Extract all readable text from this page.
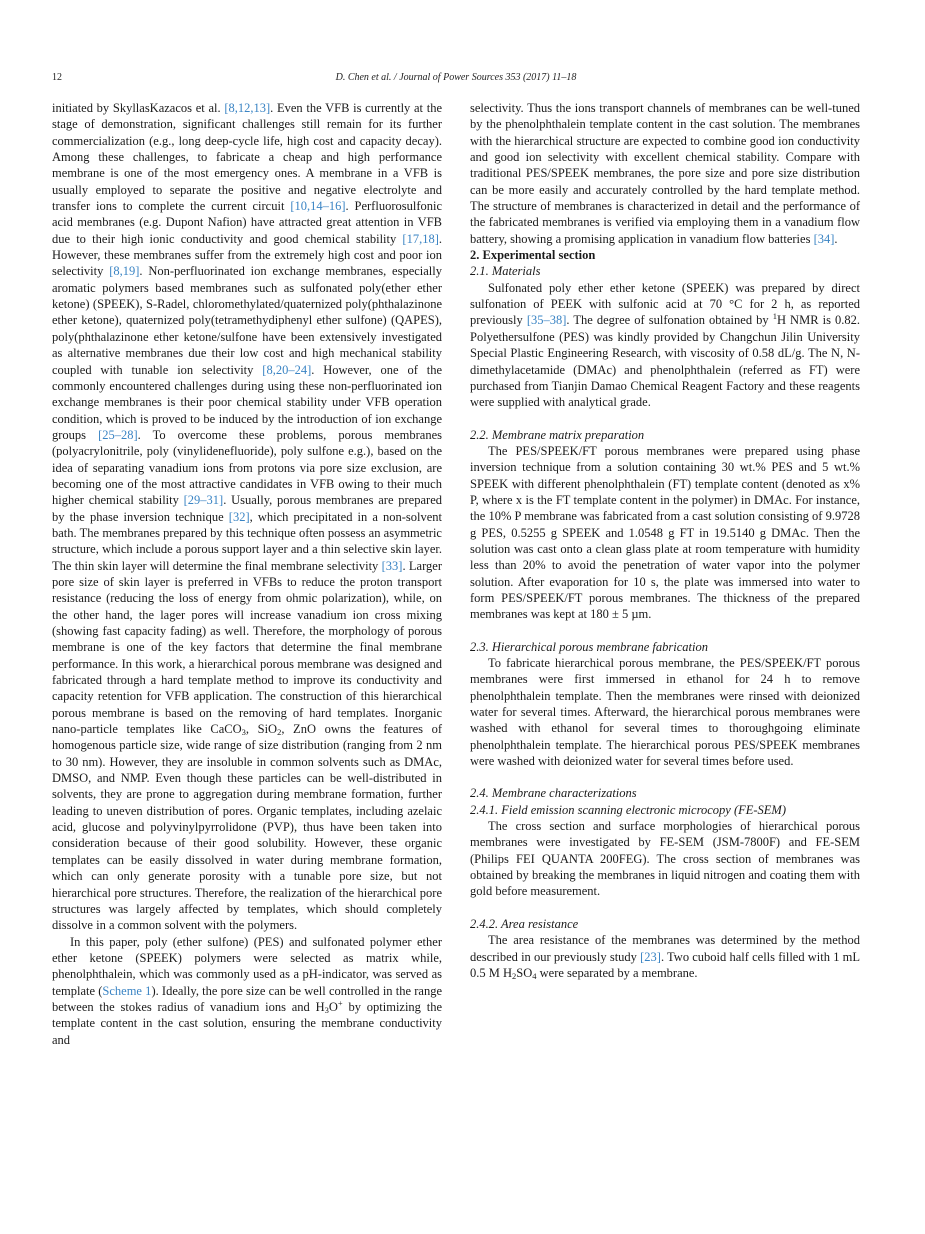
12	D. Chen et al. / Journal of Power Sources 353 (2017) 11–18

initiated by SkyllasKazacos et al. [8,12,13]. Even the VFB is currently at the stage of demonstration, significant challenges still remain for its further commercialization (e.g., long deep-cycle life, high cost and capacity decay). Among these challenges, to fabricate a cheap and high performance membrane is one of the most emergency ones. A membrane in a VFB is usually employed to separate the positive and negative electrolyte and transfer ions to complete the current circuit [10,14–16]. Perfluorosulfonic acid membranes (e.g. Dupont Nafion) have attracted great attention in VFB due to their high ionic conductivity and good chemical stability [17,18]. However, these membranes suffer from the extremely high cost and poor ion selectivity [8,19]. Non-perfluorinated ion exchange membranes, especially aromatic polymers based membranes such as sulfonated poly(ether ether ketone) (SPEEK), S-Radel, chloromethylated/quaternized poly(phthalazinone ether ketone), quaternized poly(tetramethydiphenyl ether sulfone) (QAPES), poly(phthalazinone ether ketone/sulfone have been extensively investigated as alternative membranes due their low cost and high mechanical stability coupled with tunable ion selectivity [8,20–24]. However, one of the commonly encountered challenges during using these non-perfluorinated ion exchange membranes is their poor chemical stability under VFB operation condition, which is proved to be induced by the introduction of ion exchange groups [25–28]. To overcome these problems, porous membranes (polyacrylonitrile, poly (vinylidenefluoride), poly sulfone e.g.), based on the idea of separating vanadium ions from protons via pore size exclusion, are becoming one of the most attractive candidates in VFB owing to their much higher chemical stability [29–31]. Usually, porous membranes are prepared by the phase inversion technique [32], which precipitated in a non-solvent bath. The membranes prepared by this technique often possess an asymmetric structure, which include a porous support layer and a thin selective skin layer. The thin skin layer will determine the final membrane selectivity [33]. Larger pore size of skin layer is preferred in VFBs to reduce the proton transport resistance (reducing the loss of energy from ohmic polarization), while, on the other hand, the lager pores will increase vanadium ion cross mixing (showing fast capacity fading) as well. Therefore, the morphology of porous membrane is one of the key factors that determine the final membrane performance. In this work, a hierarchical porous membrane was designed and fabricated through a hard template method to improve its conductivity and capacity retention for VFB application. The construction of this hierarchical porous membrane is based on the removing of hard templates. Inorganic nano-particle templates like CaCO$_3$, SiO$_2$, ZnO owns the features of homogenous particle size, wide range of size distribution (ranging from 2 nm to 30 nm). However, they are insoluble in common solvents such as DMAc, DMSO, and NMP. Even though these particles can be well-distributed in solvents, they are prone to aggregation during membrane formation, further leading to uneven distribution of pores. Organic templates, including azelaic acid, glucose and polyvinylpyrrolidone (PVP), thus have been taken into consideration because of their good solubility. However, these organic templates can be easily dissolved in water during membrane formation, which can only generate porosity with a tunable pore size, but not hierarchical pore structures. Therefore, the realization of the hierarchical pore structures was largely affected by templates, which should completely dissolve in a common solvent with the polymers.

In this paper, poly (ether sulfone) (PES) and sulfonated polymer ether ether ketone (SPEEK) polymers were selected as matrix while, phenolphthalein, which was commonly used as a pH-indicator, was served as template (Scheme 1). Ideally, the pore size can be well controlled in the range between the stokes radius of vanadium ions and $H_3O^+$ by optimizing the template content in the cast solution, ensuring the membrane conductivity and

selectivity. Thus the ions transport channels of membranes can be well-tuned by the phenolphthalein template content in the cast solution. The membranes with the hierarchical structure are expected to combine good ion conductivity and good ion selectivity with excellent chemical stability. Compare with traditional PES/SPEEK membranes, the pore size and pore size distribution can be more easily and accurately controlled by the hard template method. The structure of membranes is characterized in detail and the performance of the fabricated membranes is verified via employing them in a vanadium flow battery, showing a promising application in vanadium flow batteries [34].

2. Experimental section

2.1. Materials

Sulfonated poly ether ether ketone (SPEEK) was prepared by direct sulfonation of PEEK with sulfonic acid at 70 °C for 2 h, as reported previously [35–38]. The degree of sulfonation obtained by $^1$H NMR is 0.82. Polyethersulfone (PES) was kindly provided by Changchun Jilin University Special Plastic Engineering Research, with viscosity of 0.58 dL/g. The N, N-dimethylacetamide (DMAc) and phenolphthalein (referred as FT) were purchased from Tianjin Damao Chemical Reagent Factory and these reagents were supplied with analytical grade.

2.2. Membrane matrix preparation

The PES/SPEEK/FT porous membranes were prepared using phase inversion technique from a solution containing 30 wt.% PES and 5 wt.% SPEEK with different phenolphthalein (FT) template content (denoted as x% P, where x is the FT template content in the polymer) in DMAc. For instance, the 10% P membrane was fabricated from a cast solution consisting of 9.9728 g PES, 0.5255 g SPEEK and 1.0548 g FT in 19.5140 g DMAc. Then the solution was cast onto a clean glass plate at room temperature with humidity less than 20% to avoid the penetration of water vapor into the polymer solution. After evaporation for 10 s, the plate was immersed into water to form PES/SPEEK/FT porous membranes. The thickness of the prepared membranes was kept at 180 ± 5 µm.

2.3. Hierarchical porous membrane fabrication

To fabricate hierarchical porous membrane, the PES/SPEEK/FT porous membranes were first immersed in ethanol for 24 h to remove phenolphthalein template. Then the membranes were rinsed with deionized water for several times. Afterward, the hierarchical porous membranes were washed with ethanol for several times to thoroughgoing eliminate phenolphthalein template. The hierarchical porous PES/SPEEK membranes were washed with deionized water for several times before used.

2.4. Membrane characterizations

2.4.1. Field emission scanning electronic microcopy (FE-SEM)

The cross section and surface morphologies of hierarchical porous membranes were investigated by FE-SEM (JSM-7800F) and FE-SEM (Philips FEI QUANTA 200FEG). The cross section of membranes was obtained by breaking the membranes in liquid nitrogen and coating them with gold before measurement.

2.4.2. Area resistance

The area resistance of the membranes was determined by the method described in our previously study [23]. Two cuboid half cells filled with 1 mL 0.5 M $H_2SO_4$ were separated by a membrane.
